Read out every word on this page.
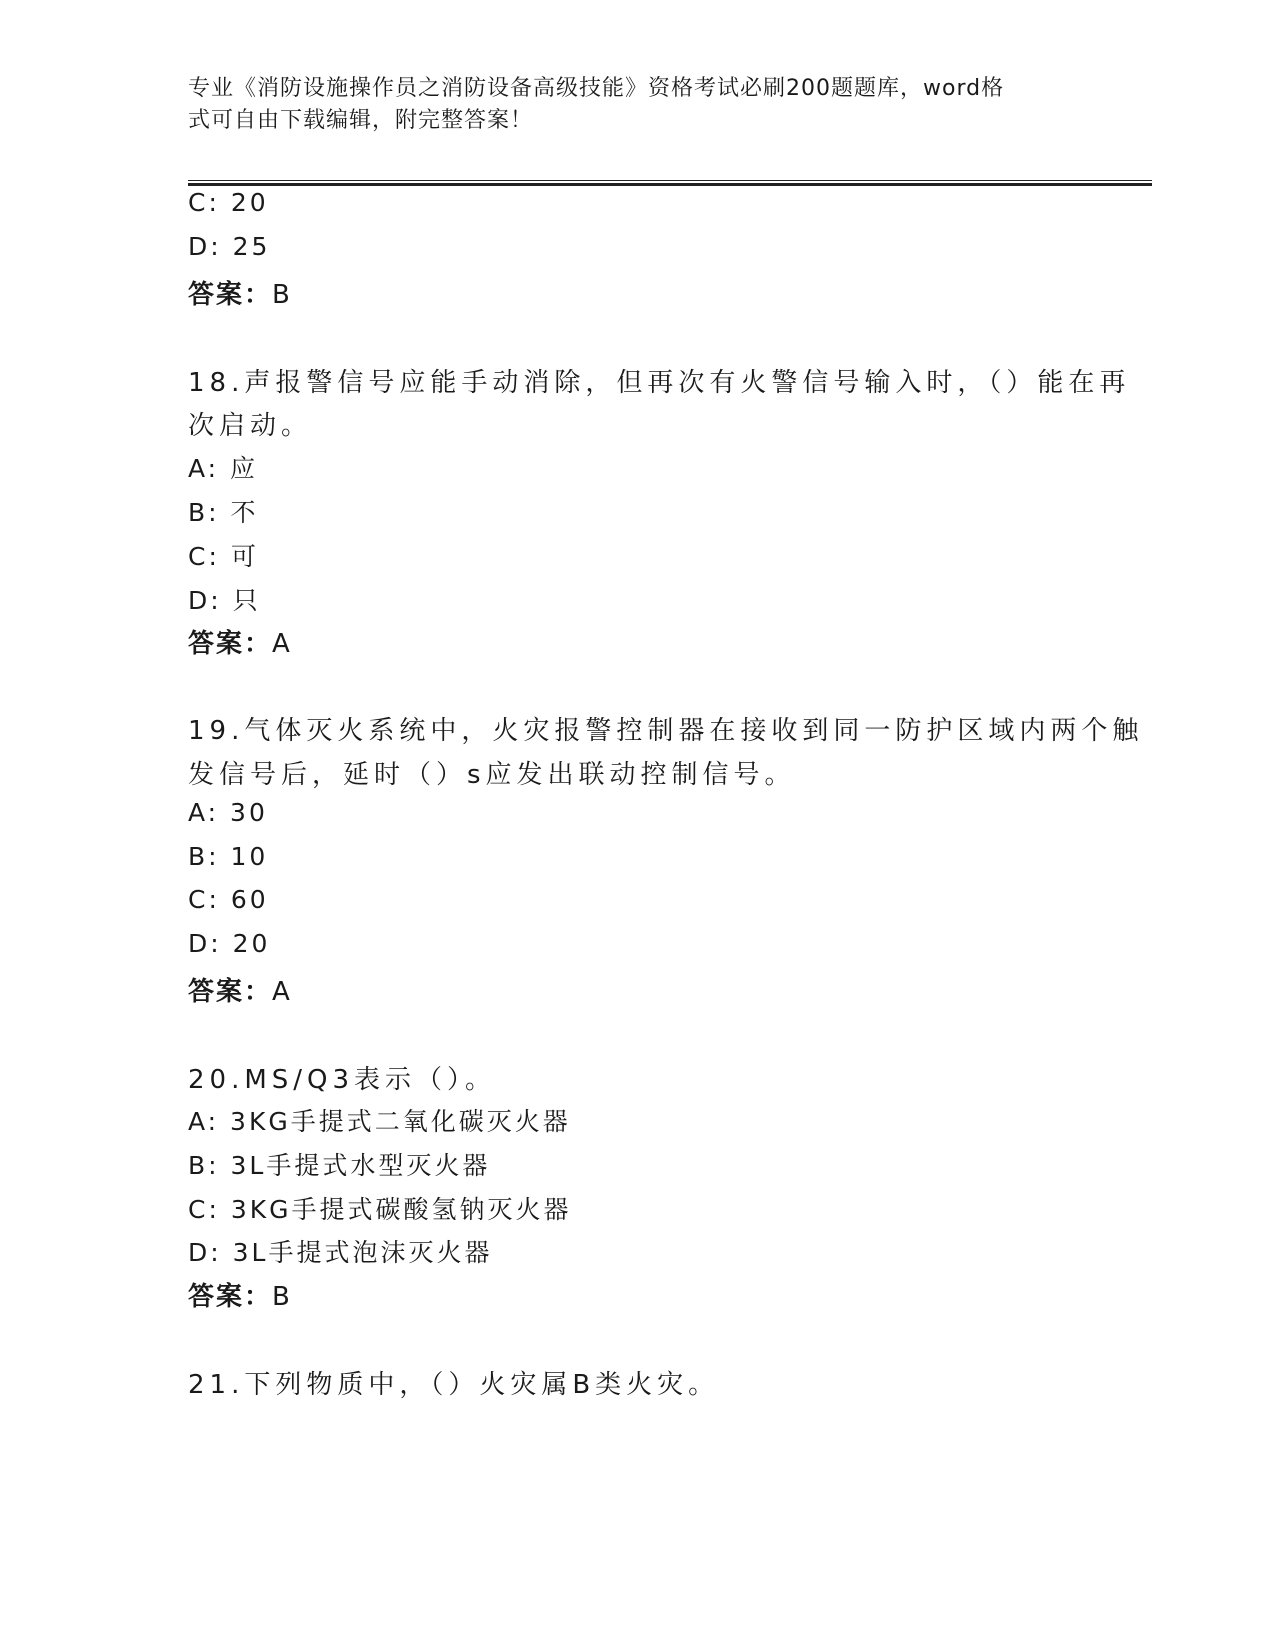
专业《消防设施操作员之消防设备高级技能》资格考试必刷200题题库，word格
式可自由下载编辑，附完整答案！
C: 20
D: 25
答案：B
18.声报警信号应能手动消除，但再次有火警信号输入时，（）能在再
次启动。
A: 应
B: 不
C: 可
D: 只
答案：A
19.气体灭火系统中，火灾报警控制器在接收到同一防护区域内两个触
发信号后，延时（）s应发出联动控制信号。
A: 30
B: 10
C: 60
D: 20
答案：A
20.MS/Q3表示（）。
A: 3KG手提式二氧化碳灭火器
B: 3L手提式水型灭火器
C: 3KG手提式碳酸氢钠灭火器
D: 3L手提式泡沫灭火器
答案：B
21.下列物质中，（）火灾属B类火灾。
